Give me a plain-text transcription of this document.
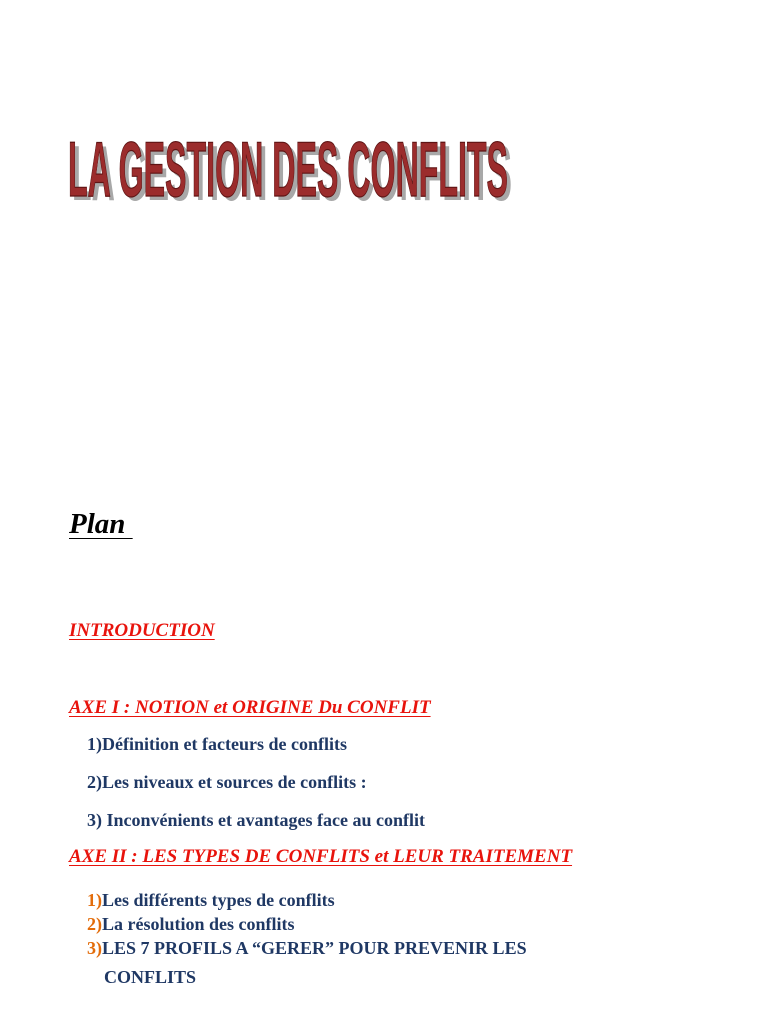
LA GESTION DES CONFLITS
LA GESTION DES CONFLITS
Plan
INTRODUCTION
AXE I : NOTION et ORIGINE Du CONFLIT
1)Définition et facteurs de conflits
2)Les niveaux et sources de conflits :
3) Inconvénients et avantages face au conflit
AXE II : LES TYPES DE CONFLITS et LEUR TRAITEMENT
1)Les différents types de conflits
2)La résolution des conflits
3)LES 7 PROFILS A “GERER” POUR PREVENIR LES
CONFLITS
